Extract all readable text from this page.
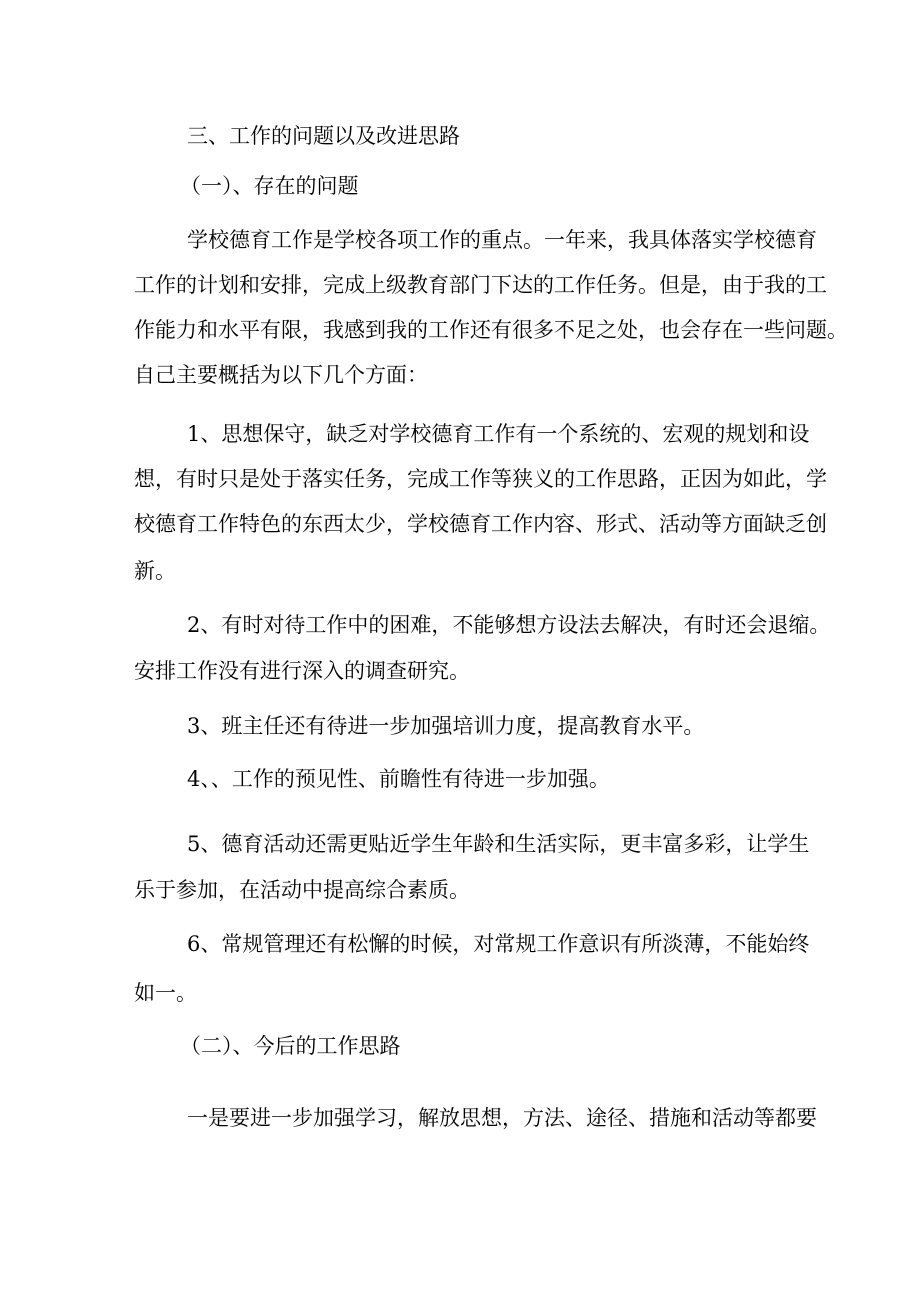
三、工作的问题以及改进思路

（一）、存在的问题

学校德育工作是学校各项工作的重点。一年来，我具体落实学校德育

工作的计划和安排，完成上级教育部门下达的工作任务。但是，由于我的工

作能力和水平有限，我感到我的工作还有很多不足之处，也会存在一些问题。

自己主要概括为以下几个方面：

1、思想保守，缺乏对学校德育工作有一个系统的、宏观的规划和设

想，有时只是处于落实任务，完成工作等狭义的工作思路，正因为如此，学

校德育工作特色的东西太少，学校德育工作内容、形式、活动等方面缺乏创

新。

2、有时对待工作中的困难，不能够想方设法去解决，有时还会退缩。

安排工作没有进行深入的调查研究。

3、班主任还有待进一步加强培训力度，提高教育水平。

4、、工作的预见性、前瞻性有待进一步加强。

5、德育活动还需更贴近学生年龄和生活实际，更丰富多彩，让学生

乐于参加，在活动中提高综合素质。

6、常规管理还有松懈的时候，对常规工作意识有所淡薄，不能始终

如一。

（二）、今后的工作思路

一是要进一步加强学习，解放思想，方法、途径、措施和活动等都要
